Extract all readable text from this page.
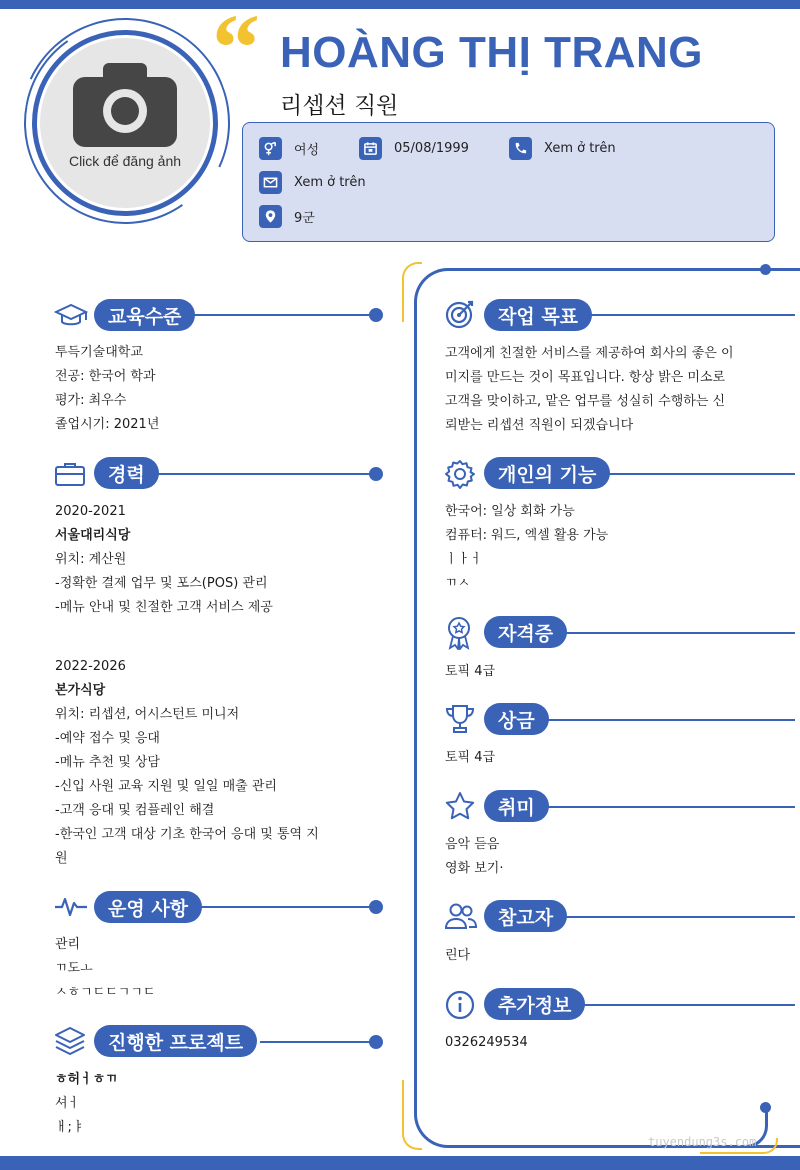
Click để đăng ảnh
“ HOÀNG THỊ TRANG
리셉션 직원
여성	05/08/1999	Xem ở trên
Xem ở trên
9군
교육수준
투득기술대학교
전공: 한국어 학과
평가: 최우수
졸업시기: 2021년
경력
2020-2021
서울대리식당
위치: 계산원
-정확한 결제 업무 및 포스(POS) 관리
-메뉴 안내 및 친절한 고객 서비스 제공
2022-2026
본가식당
위치: 리셉션, 어시스턴트 미니저
-예약 접수 및 응대
-메뉴 추천 및 상담
-신입 사원 교육 지원 및 일일 매출 관리
-고객 응대 및 컴플레인 해결
-한국인 고객 대상 기초 한국어 응대 및 통역 지
원
운영 사항
관리
ㄲ도ㅗ
ㅅㅎㄱㄷㄷㄱㄱㄷ
진행한 프로젝트
ㅎ허ㅓㅎㄲ
셔ㅓ
ㅐ;ㅑ
작업 목표
고객에게 친절한 서비스를 제공하여 회사의 좋은 이
미지를 만드는 것이 목표입니다. 항상 밝은 미소로
고객을 맞이하고, 맡은 업무를 성실히 수행하는 신
뢰받는 리셉션 직원이 되겠습니다
개인의 기능
한국어: 일상 회화 가능
컴퓨터: 워드, 엑셀 활용 가능
ㅣㅏㅓ
ㄲㅅ
자격증
토픽 4급
상금
토픽 4급
취미
음악 듣음
영화 보기·
참고자
린다
추가정보
0326249534
tuyendung3s.com
